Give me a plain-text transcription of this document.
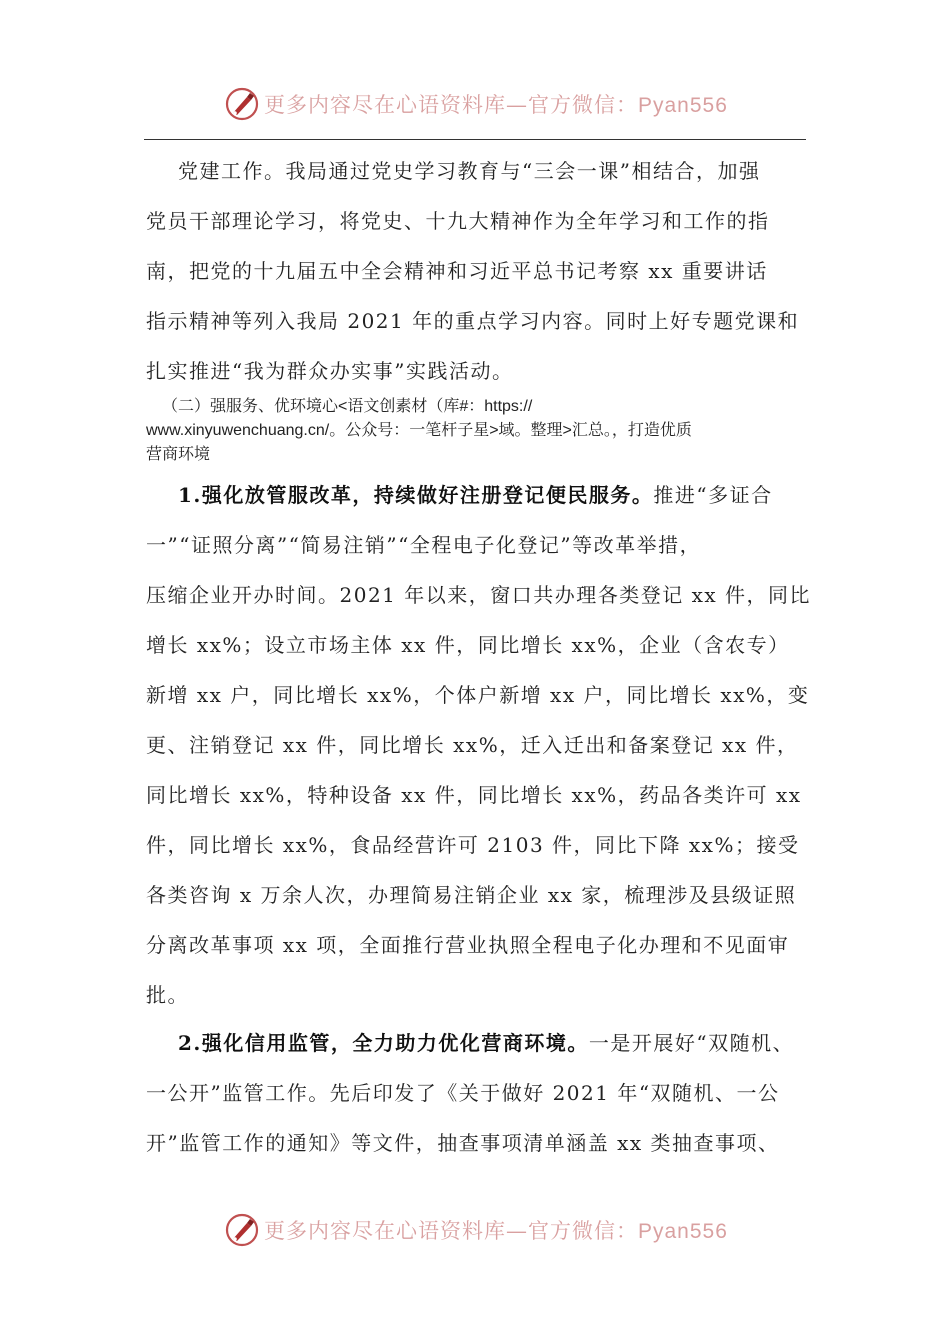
更多内容尽在心语资料库—官方微信：Pyan556
党建工作。我局通过党史学习教育与“三会一课”相结合，加强
党员干部理论学习，将党史、十九大精神作为全年学习和工作的指
南，把党的十九届五中全会精神和习近平总书记考察 xx 重要讲话
指示精神等列入我局 2021 年的重点学习内容。同时上好专题党课和
扎实推进“我为群众办实事”实践活动。
（二）强服务、优环境心<语文创素材（库#：https://
www.xinyuwenchuang.cn/。公众号：一笔杆子星>域。整理>汇总。，打造优质
营商环境
1.强化放管服改革，持续做好注册登记便民服务。推进“多证合
一”“证照分离”“简易注销”“全程电子化登记”等改革举措，
压缩企业开办时间。2021 年以来，窗口共办理各类登记 xx 件，同比
增长 xx%；设立市场主体 xx 件，同比增长 xx%，企业（含农专）
新增 xx 户，同比增长 xx%，个体户新增 xx 户，同比增长 xx%，变
更、注销登记 xx 件，同比增长 xx%，迁入迁出和备案登记 xx 件，
同比增长 xx%，特种设备 xx 件，同比增长 xx%，药品各类许可 xx
件，同比增长 xx%，食品经营许可 2103 件，同比下降 xx%；接受
各类咨询 x 万余人次，办理简易注销企业 xx 家，梳理涉及县级证照
分离改革事项 xx 项，全面推行营业执照全程电子化办理和不见面审
批。
2.强化信用监管，全力助力优化营商环境。一是开展好“双随机、
一公开”监管工作。先后印发了《关于做好 2021 年“双随机、一公
开”监管工作的通知》等文件，抽查事项清单涵盖 xx 类抽查事项、
更多内容尽在心语资料库—官方微信：Pyan556
